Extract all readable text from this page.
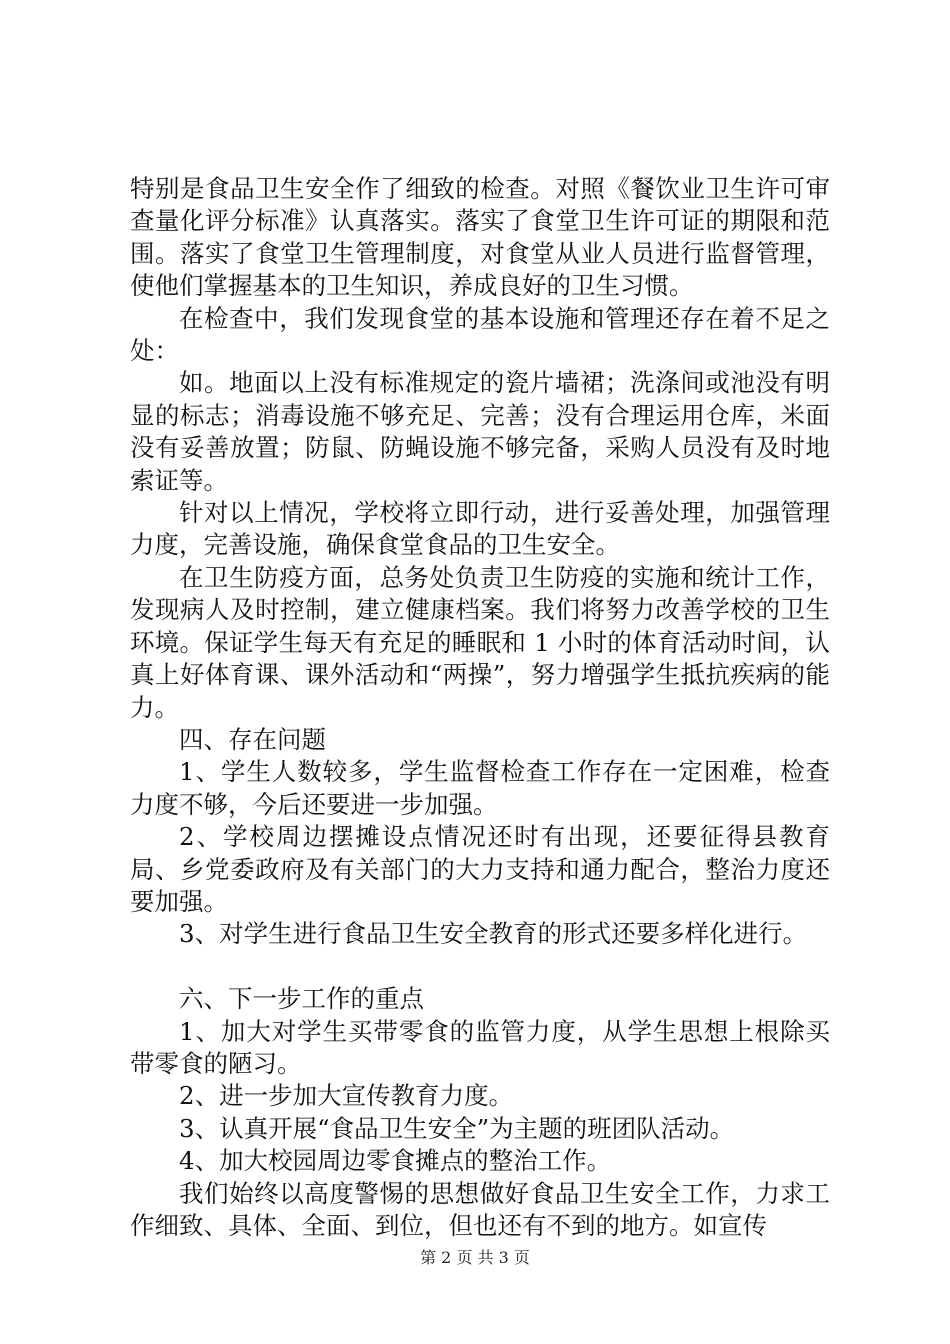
特别是食品卫生安全作了细致的检查。对照《餐饮业卫生许可审查量化评分标准》认真落实。落实了食堂卫生许可证的期限和范围。落实了食堂卫生管理制度，对食堂从业人员进行监督管理，使他们掌握基本的卫生知识，养成良好的卫生习惯。

在检查中，我们发现食堂的基本设施和管理还存在着不足之处：

如。地面以上没有标准规定的瓷片墙裙；洗涤间或池没有明显的标志；消毒设施不够充足、完善；没有合理运用仓库，米面没有妥善放置；防鼠、防蝇设施不够完备，采购人员没有及时地索证等。

针对以上情况，学校将立即行动，进行妥善处理，加强管理力度，完善设施，确保食堂食品的卫生安全。

在卫生防疫方面，总务处负责卫生防疫的实施和统计工作，发现病人及时控制，建立健康档案。我们将努力改善学校的卫生环境。保证学生每天有充足的睡眠和 1 小时的体育活动时间，认真上好体育课、课外活动和“两操”，努力增强学生抵抗疾病的能力。

四、存在问题

1、学生人数较多，学生监督检查工作存在一定困难，检查力度不够，今后还要进一步加强。

2、学校周边摆摊设点情况还时有出现，还要征得县教育局、乡党委政府及有关部门的大力支持和通力配合，整治力度还要加强。

3、对学生进行食品卫生安全教育的形式还要多样化进行。

六、下一步工作的重点

1、加大对学生买带零食的监管力度，从学生思想上根除买带零食的陋习。

2、进一步加大宣传教育力度。

3、认真开展“食品卫生安全”为主题的班团队活动。

4、加大校园周边零食摊点的整治工作。

我们始终以高度警惕的思想做好食品卫生安全工作，力求工作细致、具体、全面、到位，但也还有不到的地方。如宣传

第 2 页 共 3 页
